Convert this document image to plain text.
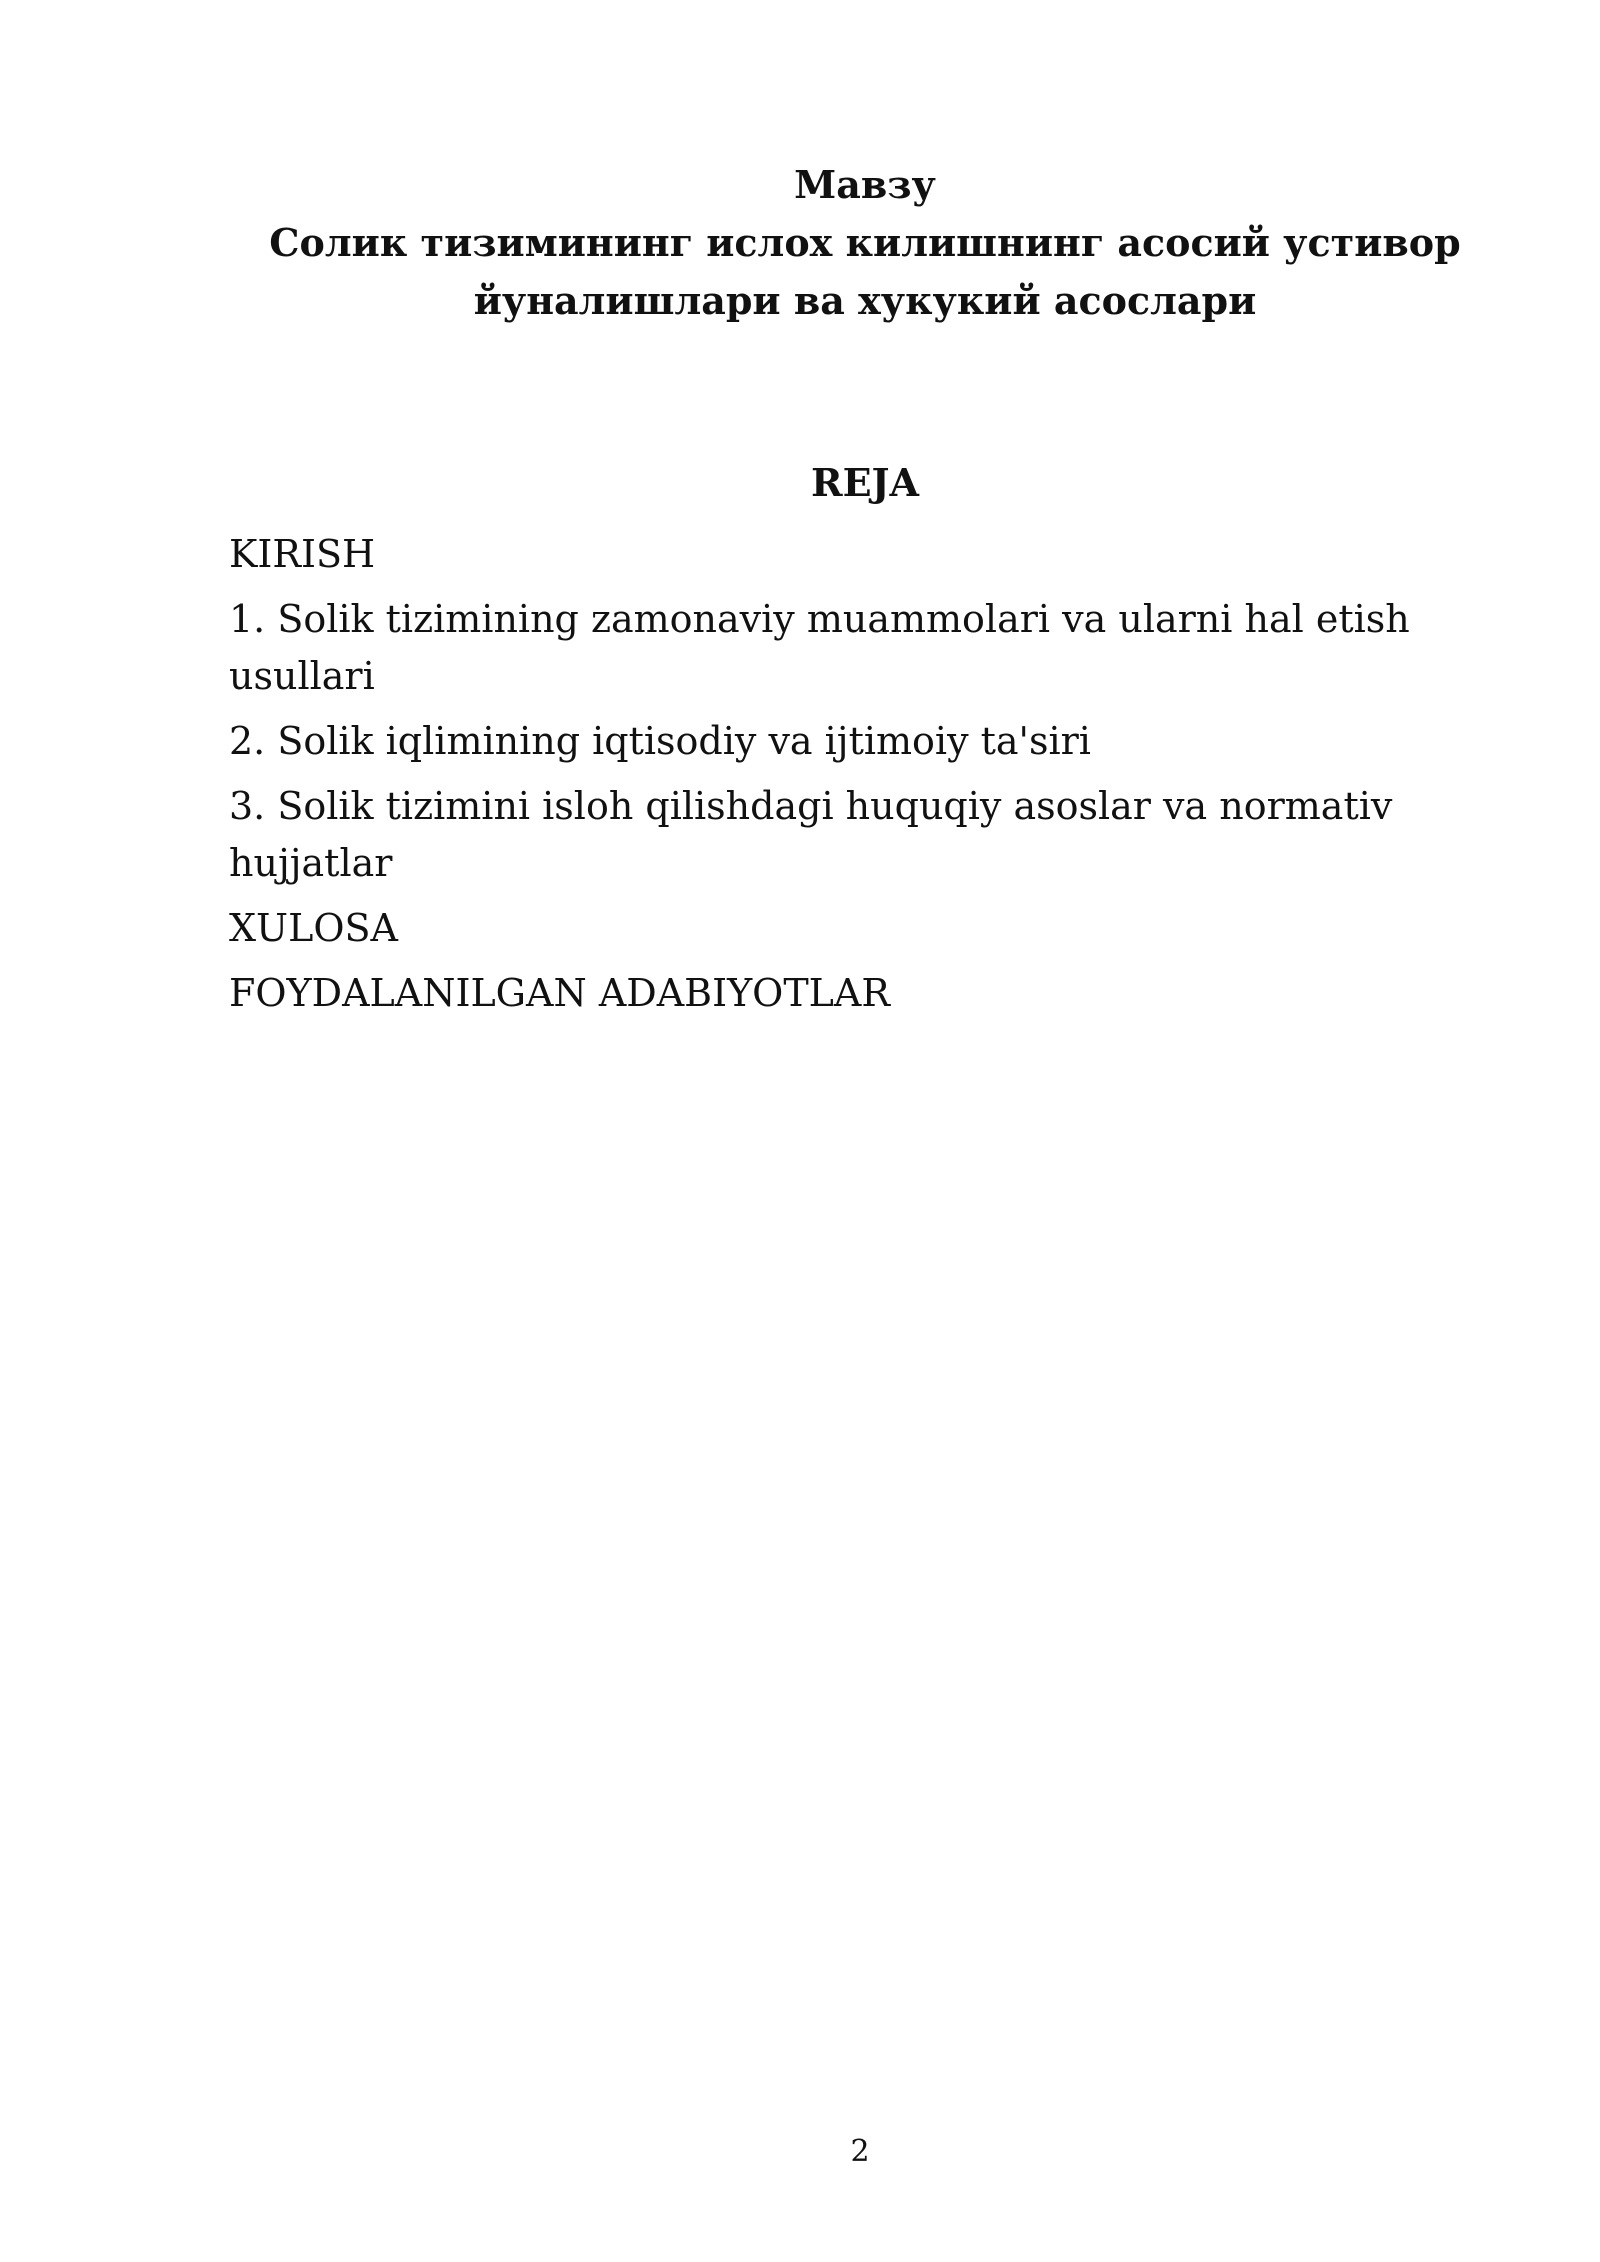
Мавзу
Солик тизимининг ислох килишнинг асосий устивор
йуналишлари ва хукукий асослари
REJA
KIRISH
1. Solik tizimining zamonaviy muammolari va ularni hal etish usullari
2. Solik iqlimining iqtisodiy va ijtimoiy ta'siri
3. Solik tizimini isloh qilishdagi huquqiy asoslar va normativ hujjatlar
XULOSA
FOYDALANILGAN ADABIYOTLAR
2
